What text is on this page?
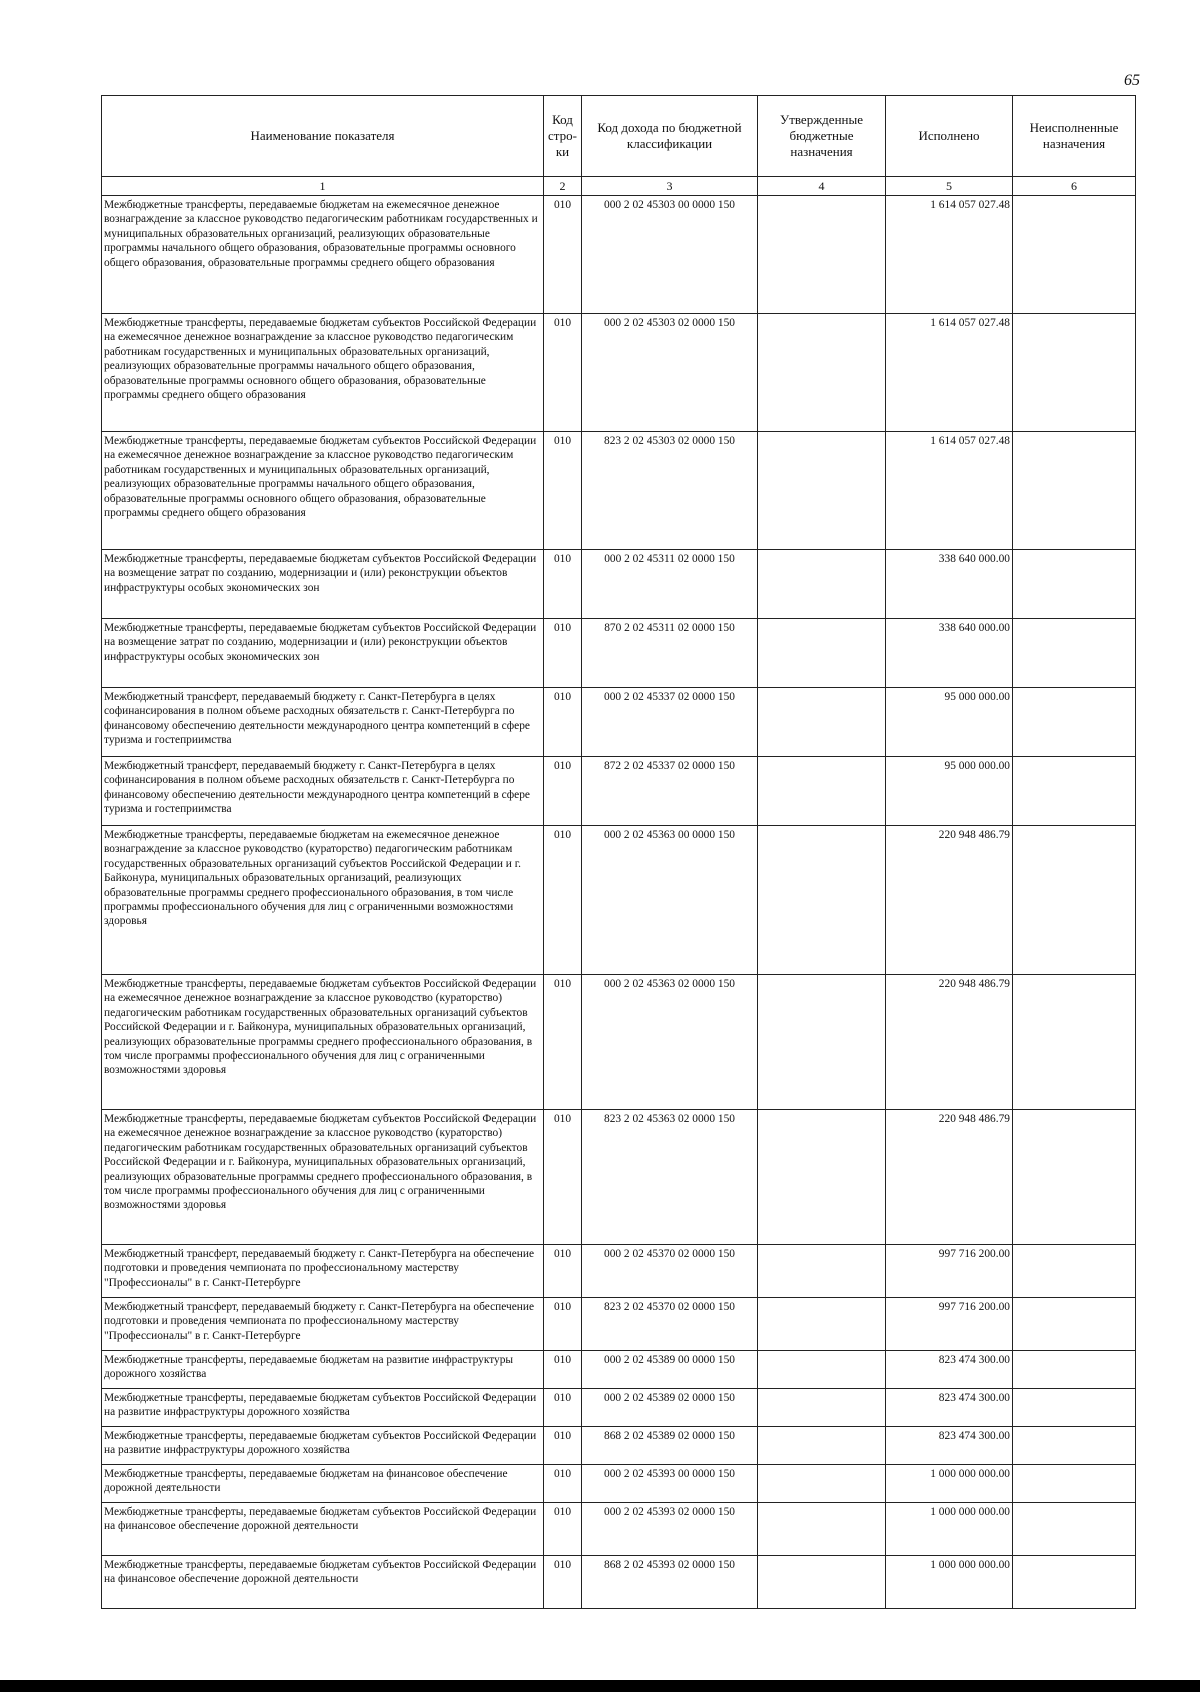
65
Наименование показателя	Код стро-ки	Код дохода по бюджетной классификации	Утвержденные бюджетные назначения	Исполнено	Неисполненные назначения
1	2	3	4	5	6
Межбюджетные трансферты, передаваемые бюджетам на ежемесячное денежное вознаграждение за классное руководство педагогическим работникам государственных и муниципальных образовательных организаций, реализующих образовательные программы начального общего образования, образовательные программы основного общего образования, образовательные программы среднего общего образования	010	000 2 02 45303 00 0000 150		1 614 057 027.48	
Межбюджетные трансферты, передаваемые бюджетам субъектов Российской Федерации на ежемесячное денежное вознаграждение за классное руководство педагогическим работникам государственных и муниципальных образовательных организаций, реализующих образовательные программы начального общего образования, образовательные программы основного общего образования, образовательные программы среднего общего образования	010	000 2 02 45303 02 0000 150		1 614 057 027.48	
Межбюджетные трансферты, передаваемые бюджетам субъектов Российской Федерации на ежемесячное денежное вознаграждение за классное руководство педагогическим работникам государственных и муниципальных образовательных организаций, реализующих образовательные программы начального общего образования, образовательные программы основного общего образования, образовательные программы среднего общего образования	010	823 2 02 45303 02 0000 150		1 614 057 027.48	
Межбюджетные трансферты, передаваемые бюджетам субъектов Российской Федерации на возмещение затрат по созданию, модернизации и (или) реконструкции объектов инфраструктуры особых экономических зон	010	000 2 02 45311 02 0000 150		338 640 000.00	
Межбюджетные трансферты, передаваемые бюджетам субъектов Российской Федерации на возмещение затрат по созданию, модернизации и (или) реконструкции объектов инфраструктуры особых экономических зон	010	870 2 02 45311 02 0000 150		338 640 000.00	
Межбюджетный трансферт, передаваемый бюджету г. Санкт-Петербурга в целях софинансирования в полном объеме расходных обязательств г. Санкт-Петербурга по финансовому обеспечению деятельности международного центра компетенций в сфере туризма и гостеприимства	010	000 2 02 45337 02 0000 150		95 000 000.00	
Межбюджетный трансферт, передаваемый бюджету г. Санкт-Петербурга в целях софинансирования в полном объеме расходных обязательств г. Санкт-Петербурга по финансовому обеспечению деятельности международного центра компетенций в сфере туризма и гостеприимства	010	872 2 02 45337 02 0000 150		95 000 000.00	
Межбюджетные трансферты, передаваемые бюджетам на ежемесячное денежное вознаграждение за классное руководство (кураторство) педагогическим работникам государственных образовательных организаций субъектов Российской Федерации и г. Байконура, муниципальных образовательных организаций, реализующих образовательные программы среднего профессионального образования, в том числе программы профессионального обучения для лиц с ограниченными возможностями здоровья	010	000 2 02 45363 00 0000 150		220 948 486.79	
Межбюджетные трансферты, передаваемые бюджетам субъектов Российской Федерации на ежемесячное денежное вознаграждение за классное руководство (кураторство) педагогическим работникам государственных образовательных организаций субъектов Российской Федерации и г. Байконура, муниципальных образовательных организаций, реализующих образовательные программы среднего профессионального образования, в том числе программы профессионального обучения для лиц с ограниченными возможностями здоровья	010	000 2 02 45363 02 0000 150		220 948 486.79	
Межбюджетные трансферты, передаваемые бюджетам субъектов Российской Федерации на ежемесячное денежное вознаграждение за классное руководство (кураторство) педагогическим работникам государственных образовательных организаций субъектов Российской Федерации и г. Байконура, муниципальных образовательных организаций, реализующих образовательные программы среднего профессионального образования, в том числе программы профессионального обучения для лиц с ограниченными возможностями здоровья	010	823 2 02 45363 02 0000 150		220 948 486.79	
Межбюджетный трансферт, передаваемый бюджету г. Санкт-Петербурга на обеспечение подготовки и проведения чемпионата по профессиональному мастерству "Профессионалы" в г. Санкт-Петербурге	010	000 2 02 45370 02 0000 150		997 716 200.00	
Межбюджетный трансферт, передаваемый бюджету г. Санкт-Петербурга на обеспечение подготовки и проведения чемпионата по профессиональному мастерству "Профессионалы" в г. Санкт-Петербурге	010	823 2 02 45370 02 0000 150		997 716 200.00	
Межбюджетные трансферты, передаваемые бюджетам на развитие инфраструктуры дорожного хозяйства	010	000 2 02 45389 00 0000 150		823 474 300.00	
Межбюджетные трансферты, передаваемые бюджетам субъектов Российской Федерации на развитие инфраструктуры дорожного хозяйства	010	000 2 02 45389 02 0000 150		823 474 300.00	
Межбюджетные трансферты, передаваемые бюджетам субъектов Российской Федерации на развитие инфраструктуры дорожного хозяйства	010	868 2 02 45389 02 0000 150		823 474 300.00	
Межбюджетные трансферты, передаваемые бюджетам на финансовое обеспечение дорожной деятельности	010	000 2 02 45393 00 0000 150		1 000 000 000.00	
Межбюджетные трансферты, передаваемые бюджетам субъектов Российской Федерации на финансовое обеспечение дорожной деятельности	010	000 2 02 45393 02 0000 150		1 000 000 000.00	
Межбюджетные трансферты, передаваемые бюджетам субъектов Российской Федерации на финансовое обеспечение дорожной деятельности	010	868 2 02 45393 02 0000 150		1 000 000 000.00	
